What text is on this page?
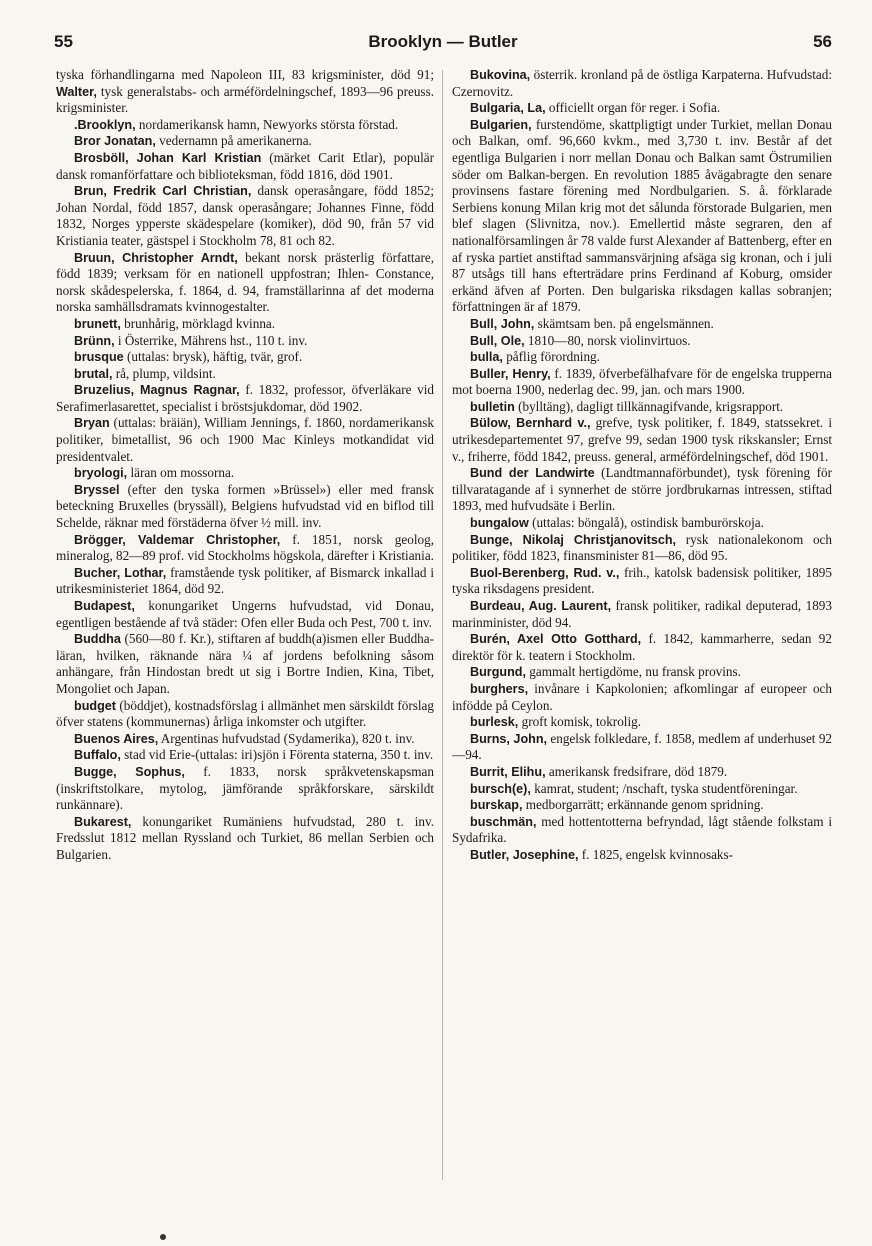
55	Brooklyn — Butler	56

tyska förhandlingarna med Napoleon III, 83 krigsminister, död 91; Walter, tysk generalstabs- och arméfördelningschef, 1893—96 preuss. krigsminister.

.Brooklyn, nordamerikansk hamn, Newyorks största förstad.

Bror Jonatan, vedernamn på amerikanerna.

Brosböll, Johan Karl Kristian (märket Carit Etlar), populär dansk romanförfattare och biblioteksman, född 1816, död 1901.

Brun, Fredrik Carl Christian, dansk operasångare, född 1852; Johan Nordal, född 1857, dansk operasångare; Johannes Finne, född 1832, Norges ypperste skädespelare (komiker), död 90, från 57 vid Kristiania teater, gästspel i Stockholm 78, 81 och 82.

Bruun, Christopher Arndt, bekant norsk prästerlig författare, född 1839; verksam för en nationell uppfostran; Ihlen- Constance, norsk skådespelerska, f. 1864, d. 94, framställarinna af det moderna norska samhällsdramats kvinnogestalter.

brunett, brunhårig, mörklagd kvinna.

Brünn, i Österrike, Mährens hst., 110 t. inv.

brusque (uttalas: brysk), häftig, tvär, grof.

brutal, rå, plump, vildsint.

Bruzelius, Magnus Ragnar, f. 1832, professor, öfverläkare vid Serafimerlasarettet, specialist i bröstsjukdomar, död 1902.

Bryan (uttalas: bräiän), William Jennings, f. 1860, nordamerikansk politiker, bimetallist, 96 och 1900 Mac Kinleys motkandidat vid presidentvalet.

bryologi, läran om mossorna.

Bryssel (efter den tyska formen »Brüssel») eller med fransk beteckning Bruxelles (bryssäll), Belgiens hufvudstad vid en biflod till Schelde, räknar med förstäderna öfver ½ mill. inv.

Brögger, Valdemar Christopher, f. 1851, norsk geolog, mineralog, 82—89 prof. vid Stockholms högskola, därefter i Kristiania.

Bucher, Lothar, framstående tysk politiker, af Bismarck inkallad i utrikesministeriet 1864, död 92.

Budapest, konungariket Ungerns hufvudstad, vid Donau, egentligen bestående af två städer: Ofen eller Buda och Pest, 700 t. inv.

Buddha (560—80 f. Kr.), stiftaren af buddh(a)ismen eller Buddha-läran, hvilken, räknande nära ¼ af jordens befolkning såsom anhängare, från Hindostan bredt ut sig i Bortre Indien, Kina, Tibet, Mongoliet och Japan.

budget (böddjet), kostnadsförslag i allmänhet men särskildt förslag öfver statens (kommunernas) årliga inkomster och utgifter.

Buenos Aires, Argentinas hufvudstad (Sydamerika), 820 t. inv.

Buffalo, stad vid Erie-(uttalas: iri)sjön i Förenta staterna, 350 t. inv.

Bugge, Sophus, f. 1833, norsk språkvetenskapsman (inskriftstolkare, mytolog, jämförande språkforskare, särskildt runkännare).

Bukarest, konungariket Rumäniens hufvudstad, 280 t. inv. Fredsslut 1812 mellan Ryssland och Turkiet, 86 mellan Serbien och Bulgarien.

Bukovina, österrik. kronland på de östliga Karpaterna. Hufvudstad: Czernovitz.

Bulgaria, La, officiellt organ för reger. i Sofia.

Bulgarien, furstendöme, skattpligtigt under Turkiet, mellan Donau och Balkan, omf. 96,660 kvkm., med 3,730 t. inv. Består af det egentliga Bulgarien i norr mellan Donau och Balkan samt Östrumilien söder om Balkan-bergen. En revolution 1885 åvägabragte den senare provinsens fastare förening med Nordbulgarien. S. å. förklarade Serbiens konung Milan krig mot det sålunda förstorade Bulgarien, men blef slagen (Slivnitza, nov.). Emellertid måste segraren, den af nationalförsamlingen år 78 valde furst Alexander af Battenberg, efter en af ryska partiet anstiftad sammansvärjning afsäga sig kronan, och i juli 87 utsågs till hans efterträdare prins Ferdinand af Koburg, omsider erkänd äfven af Porten. Den bulgariska riksdagen kallas sobranjen; författningen är af 1879.

Bull, John, skämtsam ben. på engelsmännen.

Bull, Ole, 1810—80, norsk violinvirtuos.

bulla, påflig förordning.

Buller, Henry, f. 1839, öfverbefälhafvare för de engelska trupperna mot boerna 1900, nederlag dec. 99, jan. och mars 1900.

bulletin (bylltäng), dagligt tillkännagifvande, krigsrapport.

Bülow, Bernhard v., grefve, tysk politiker, f. 1849, statssekret. i utrikesdepartementet 97, grefve 99, sedan 1900 tysk rikskansler; Ernst v., friherre, född 1842, preuss. general, arméfördelningschef, död 1901.

Bund der Landwirte (Landtmannaförbundet), tysk förening för tillvaratagande af i synnerhet de större jordbrukarnas intressen, stiftad 1893, med hufvudsäte i Berlin.

bungalow (uttalas: böngalå), ostindisk bamburörskoja.

Bunge, Nikolaj Christjanovitsch, rysk nationalekonom och politiker, född 1823, finansminister 81—86, död 95.

Buol-Berenberg, Rud. v., frih., katolsk badensisk politiker, 1895 tyska riksdagens president.

Burdeau, Aug. Laurent, fransk politiker, radikal deputerad, 1893 marinminister, död 94.

Burén, Axel Otto Gotthard, f. 1842, kammarherre, sedan 92 direktör för k. teatern i Stockholm.

Burgund, gammalt hertigdöme, nu fransk provins.

burghers, invånare i Kapkolonien; afkomlingar af europeer och infödde på Ceylon.

burlesk, groft komisk, tokrolig.

Burns, John, engelsk folkledare, f. 1858, medlem af underhuset 92—94.

Burrit, Elihu, amerikansk fredsifrare, död 1879.

bursch(e), kamrat, student; /nschaft, tyska studentföreningar.

burskap, medborgarrätt; erkännande genom spridning.

buschmän, med hottentotterna befryndad, lågt stående folkstam i Sydafrika.

Butler, Josephine, f. 1825, engelsk kvinnosaks-
